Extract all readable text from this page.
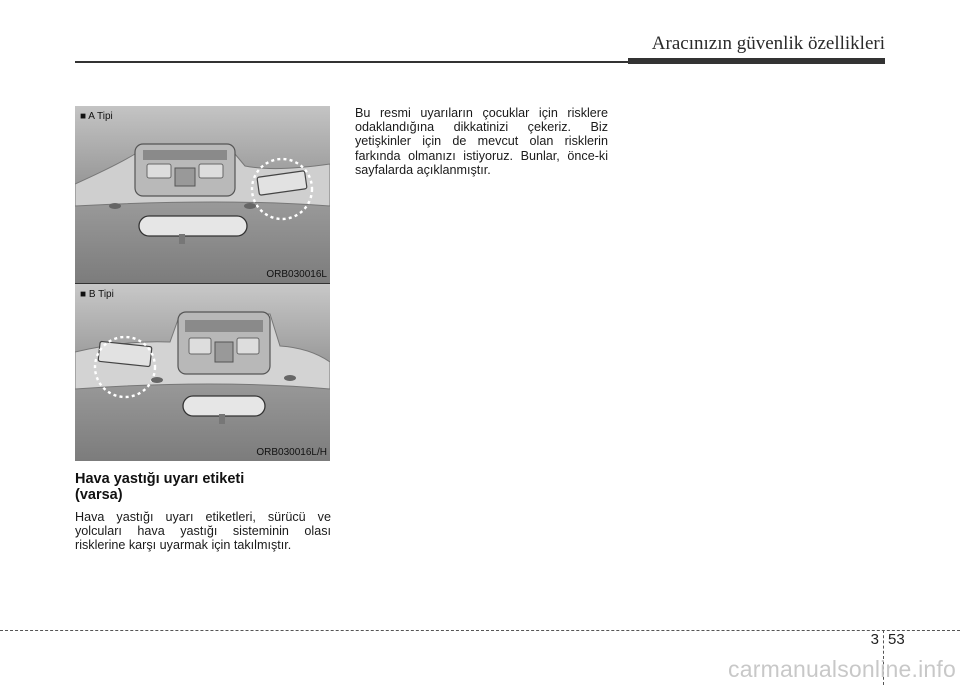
Aracınızın güvenlik özellikleri
■ A Tipi
ORB030016L
■ B Tipi
ORB030016L/H
Hava yastığı uyarı etiketi
(varsa)

Hava yastığı uyarı etiketleri, sürücü ve yolcuları hava yastığı sisteminin olası risklerine karşı uyarmak için takılmıştır.

Bu resmi uyarıların çocuklar için risklere odaklandığına dikkatinizi çekeriz. Biz yetişkinler için de mevcut olan risklerin farkında olmanızı istiyoruz. Bunlar, önce-ki sayfalarda açıklanmıştır.

3 53
carmanualsonline.info
